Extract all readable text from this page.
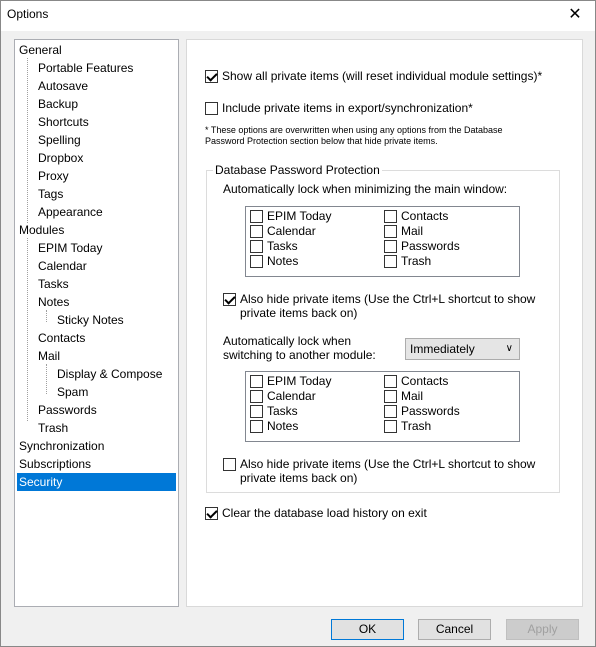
Options	✕
General
Portable Features
Autosave
Backup
Shortcuts
Spelling
Dropbox
Proxy
Tags
Appearance
Modules
EPIM Today
Calendar
Tasks
Notes
Sticky Notes
Contacts
Mail
Display & Compose
Spam
Passwords
Trash
Synchronization
Subscriptions
Security
Show all private items (will reset individual module settings)*
Include private items in export/synchronization*
* These options are overwritten when using any options from the Database
Password Protection section below that hide private items.
Database Password Protection
Automatically lock when minimizing the main window:
EPIM Today	Contacts
Calendar	Mail
Tasks	Passwords
Notes	Trash
Also hide private items (Use the Ctrl+L shortcut to show
private items back on)
Automatically lock when
switching to another module:
EPIM Today	Contacts
Calendar	Mail
Tasks	Passwords
Notes	Trash
Also hide private items (Use the Ctrl+L shortcut to show
private items back on)
Immediately	∨
Clear the database load history on exit
OK	Cancel	Apply
